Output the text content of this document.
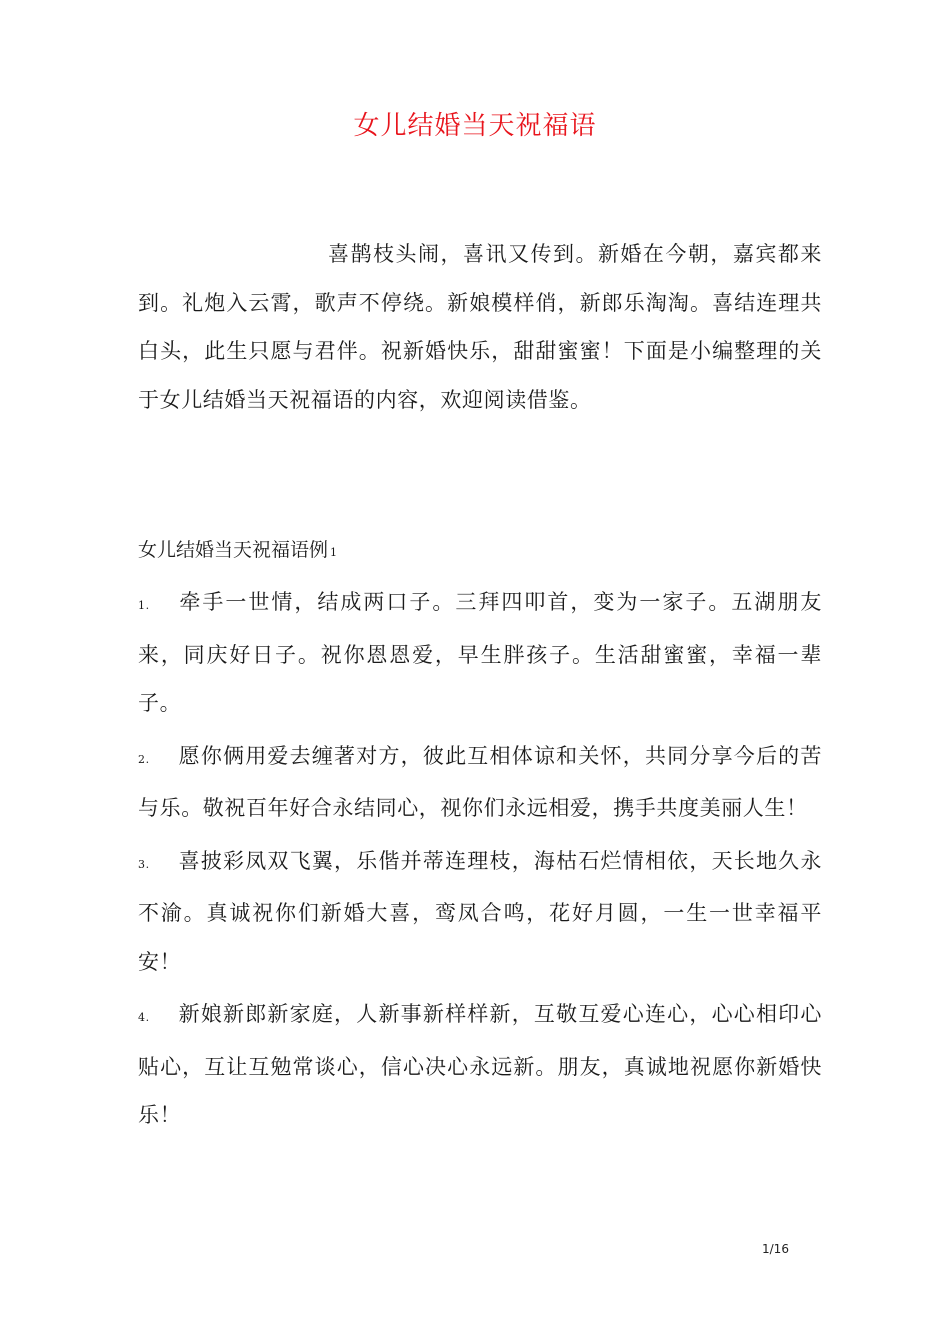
女儿结婚当天祝福语

喜鹊枝头闹，喜讯又传到。新婚在今朝，嘉宾都来到。礼炮入云霄，歌声不停绕。新娘模样俏，新郎乐淘淘。喜结连理共白头，此生只愿与君伴。祝新婚快乐，甜甜蜜蜜！下面是小编整理的关于女儿结婚当天祝福语的内容，欢迎阅读借鉴。

女儿结婚当天祝福语例 1
1. 牵手一世情，结成两口子。三拜四叩首，变为一家子。五湖朋友来，同庆好日子。祝你恩恩爱，早生胖孩子。生活甜蜜蜜，幸福一辈子。
2. 愿你俩用爱去缠著对方，彼此互相体谅和关怀，共同分享今后的苦与乐。敬祝百年好合永结同心，视你们永远相爱，携手共度美丽人生！
3. 喜披彩凤双飞翼，乐偕并蒂连理枝，海枯石烂情相依，天长地久永不渝。真诚祝你们新婚大喜，鸾凤合鸣，花好月圆，一生一世幸福平安！
4. 新娘新郎新家庭，人新事新样样新，互敬互爱心连心，心心相印心贴心，互让互勉常谈心，信心决心永远新。朋友，真诚地祝愿你新婚快乐！
1/16
